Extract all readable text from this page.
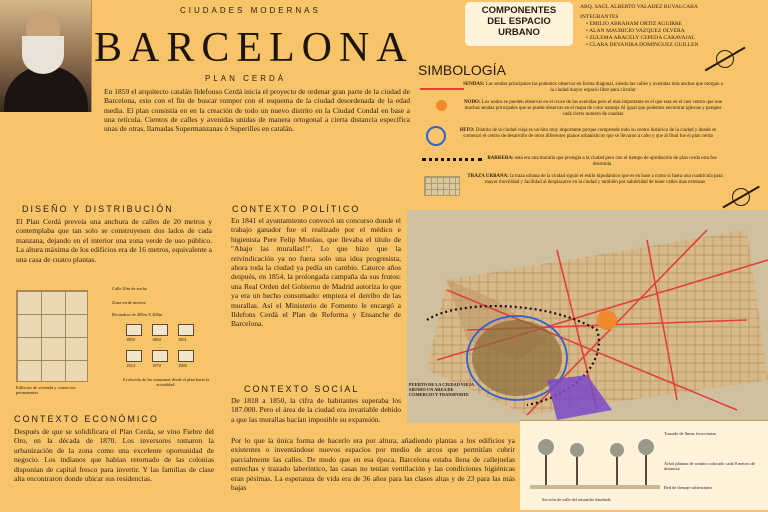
CIUDADES MODERNAS
BARCELONA
PLAN CERDÁ
En 1859 el arquitecto catalán Ildefonso Cerdá inicia el proyecto de ordenar gran parte de la ciudad de Barcelona, esto con el fin de buscar romper con el esquema de la ciudad desordenada de la edad media. El plan consistía en en la creación de todo un nuevo distrito en la Ciudad Condal en base a una retícula. Cientos de calles y avenidas unidas de manera ortogonal a cierta distancia específica unas de otras, llamadas Supermanzanas ó Superilles en catalán.
COMPONENTES DEL ESPACIO URBANO
ARQ. SAÚL ALBERTO VALADEZ RUVALCABA
INTEGRANTES
• EMILIO ABRAHAM ORTIZ AGUIRRE
• ALAN MAURICIO VAZQUEZ OLVERA
• ZULEMA ARACELY CEPEDA CARAVAJAL
• CLARA DEYANIRA DOMINGUEZ GUILLEN
SIMBOLOGÍA
SENDAS: Las sendas principales las podemos observar en forma diagonal, siendo las calles y avenidas más anchas que otorgan a la ciudad mayor espacio libre para circular
NODO: Los nodos se pueden observar en el cruce de las avenidas pero el más importante es el que esta en el casi centro que une muchas sendas principales que se puede observar en el mapa de color naranja Al igual que podemos encontrar iglesias y parques cada cierto numero de cuadras
HITO: Distrito de la ciudad vieja es un hito muy importante porque comprende todo su centro histórico de la ciudad y donde se comenzó el centro de desarrollo de otros diferentes planos urbanísticos que se llevaron a cabo y que al final fue el plan cerda
BARRERA: esta era una muralla que protegía a la ciudad pero con el tiempo de aprobación de plan cerda esta fue destruida
TRAZA URBANA: la traza urbana de la ciudad siguió el estilo hipodámico que es en base a como si fuera una cuadrícula para mayor movilidad y facilidad al desplazarce en la ciudad y también por salubridad de tener calles mas extensas
DISEÑO Y DISTRIBUCIÓN
El Plan Cerdá preveía una anchura de calles de 20 metros y contemplaba que tan solo se construyesen dos lados de cada manzana, dejando en el interior una zona verde de uso público. La altura máxima de los edificios era de 16 metros, equivalente a una casa de cuatro plantas.
Calle 20m de ancho
Zona verde interior
Recuadros de 400m X 400m
Edificios de vivienda y comercios permanentes
1859	1860	1891
1924	1970	1988
Evolución de las manzanas desde el plan hasta la actualidad.
CONTEXTO ECONÓMICO
Después de que se solidificara el Plan Cerda, se vino Fiebre del Oro, en la década de 1870. Los inversores tomaron la urbanización de la zona como una excelente oportunidad de negocio. Los indianos que habían retornado de las colonias disponían de capital fresco para invertir. Y las familias de clase alta encontraron donde ubicar sus residencias.
CONTEXTO POLÍTICO
En 1841 el ayuntamiento convocó un concurso donde el trabajo ganador fue el realizado por el médico e higienista Pere Felip Monlau, que llevaba el título de "Abajo las murallas!!". Lo que hizo que la reivindicación ya no fuera solo una idea progresista, ahora toda la ciudad ya pedía un cambio. Catorce años después, en 1854, la prolongada campaña da sus frutos: una Real Orden del Gobierno de Madrid autoriza lo que ya era un hecho consumado: empieza el derribo de las murallas. Así el Ministerio de Fomento le encargó a Ildefons Cerdà el Plan de Reforma y Ensanche de Barcelona.
CONTEXTO SOCIAL
De 1818 a 1850, la cifra de habitantes superaba los 187.000. Pero el área de la ciudad era invariable debido a que las murallas hacían imposible su expansión.
Por lo que la única forma de hacerlo era por altura, añadiendo plantas a los edificios ya existentes o inventándose nuevos espacios por medio de arcos que permitían cubrir parcialmente las calles. De modo que en esa época, Barcelona estaba llena de callejuelas estrechas y trazado laberíntico, las casas no tenían ventilación y las condiciones higiénicas eran pésimas. La esperanza de vida era de 36 años para las clases altas y de 23 para las más bajas
PUERTO DE LA CIUDAD VIEJA SIENDO UN AREA DE COMERCIO Y TRANSPORTE
Trazado de líneas ferroviarias
Árbol plátano de sombra colocado cada 8 metros de distancia
Red de drenaje subterráneo
Sección de calle del ensanche diseñado
